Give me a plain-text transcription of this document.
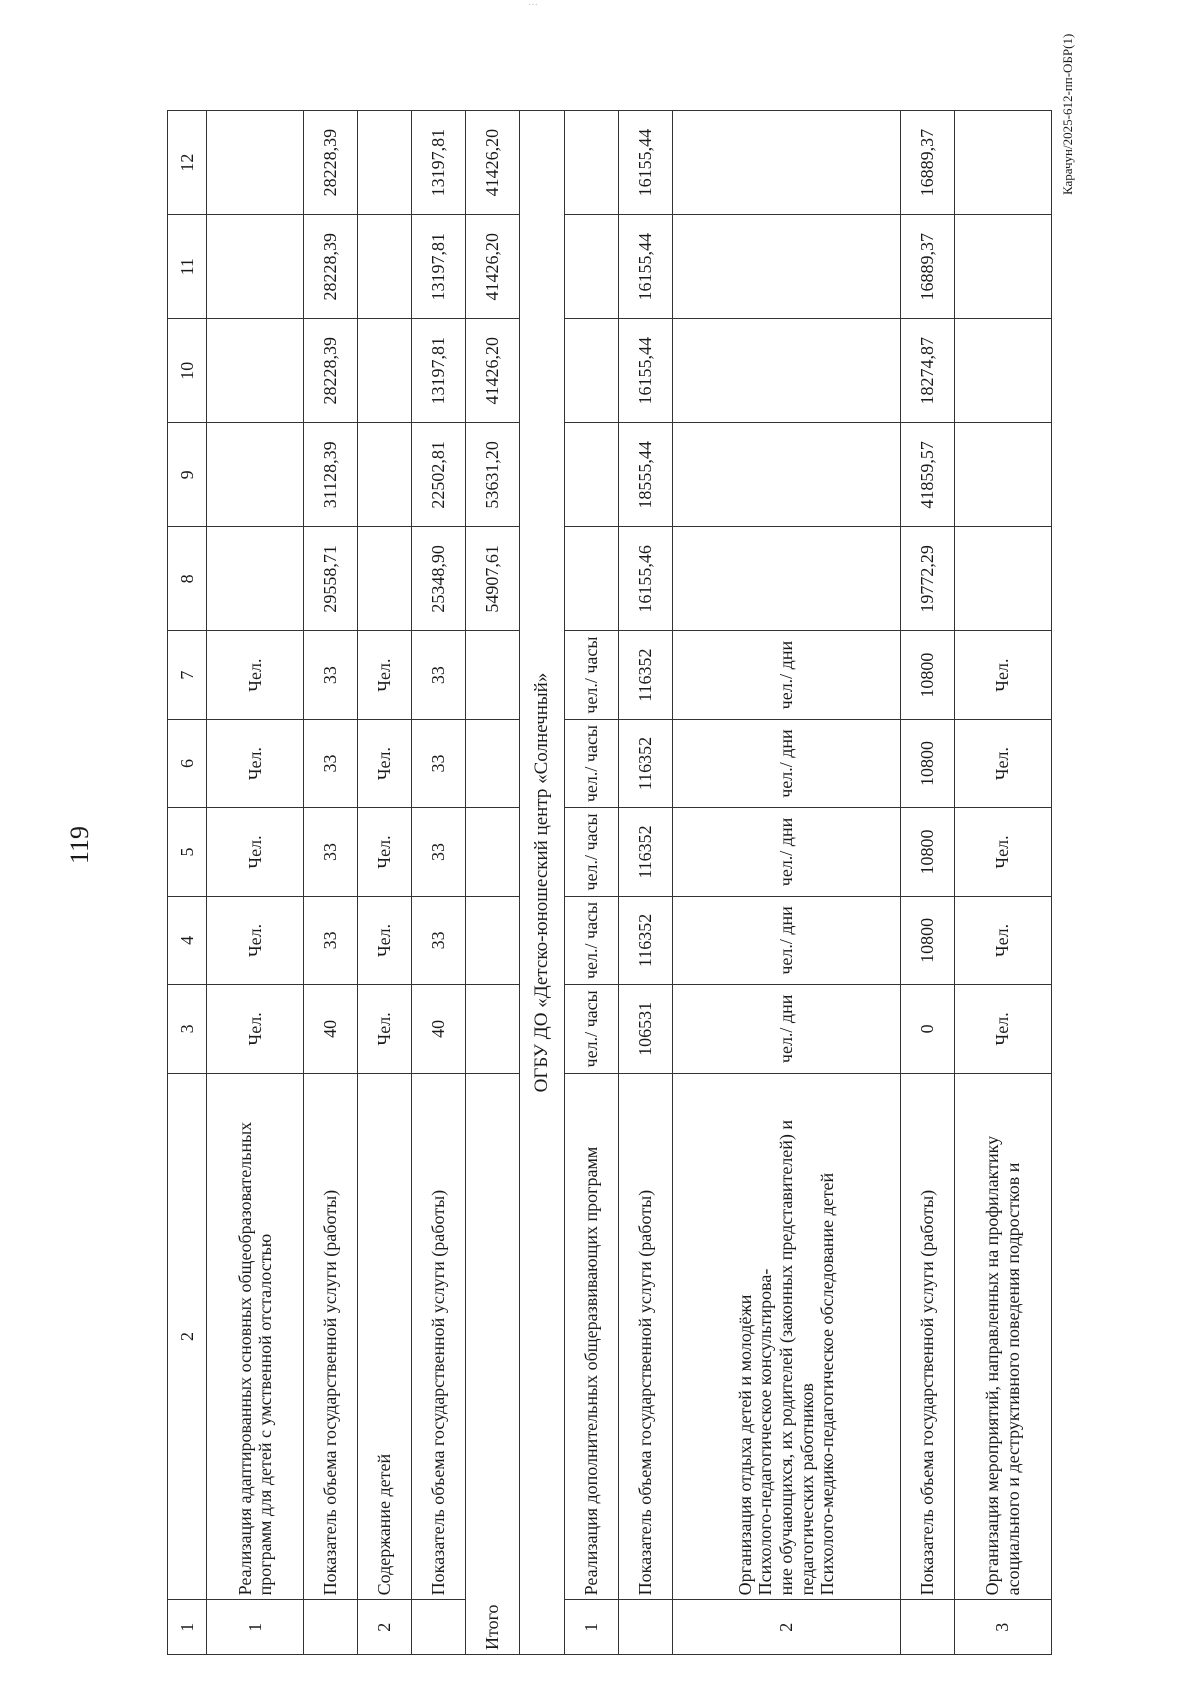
···
119
Карачун/2025-612-пп-ОБР(1)
1	2	3	4	5	6	7	8	9	10	11	12
1	Реализация адаптированных основных общеобразовательных программ для детей с умственной отсталостью	Чел.	Чел.	Чел.	Чел.	Чел.					
	Показатель объема государственной услуги (работы)	40	33	33	33	33	29558,71	31128,39	28228,39	28228,39	28228,39
2	Содержание детей	Чел.	Чел.	Чел.	Чел.	Чел.					
	Показатель объема государственной услуги (работы)	40	33	33	33	33	25348,90	22502,81	13197,81	13197,81	13197,81
Итого							54907,61	53631,20	41426,20	41426,20	41426,20
ОГБУ ДО «Детско-юношеский центр «Солнечный»											
1	Реализация дополнительных общеразвивающих программ	чел./ часы	чел./ часы	чел./ часы	чел./ часы	чел./ часы					
	Показатель объема государственной услуги (работы)	106531	116352	116352	116352	116352	16155,46	18555,44	16155,44	16155,44	16155,44
2	Организация отдыха детей и молодёжи
Психолого-педагогическое консультирова-
ние обучающихся, их родителей (законных представителей) и
педагогических работников
Психолого-медико-педагогическое обследование детей	чел./ дни	чел./ дни	чел./ дни	чел./ дни	чел./ дни					
	Показатель объема государственной услуги (работы)	0	10800	10800	10800	10800	19772,29	41859,57	18274,87	16889,37	16889,37
3	Организация мероприятий, направленных на профилактику асоциального и деструктивного поведения подростков и	Чел.	Чел.	Чел.	Чел.	Чел.					
